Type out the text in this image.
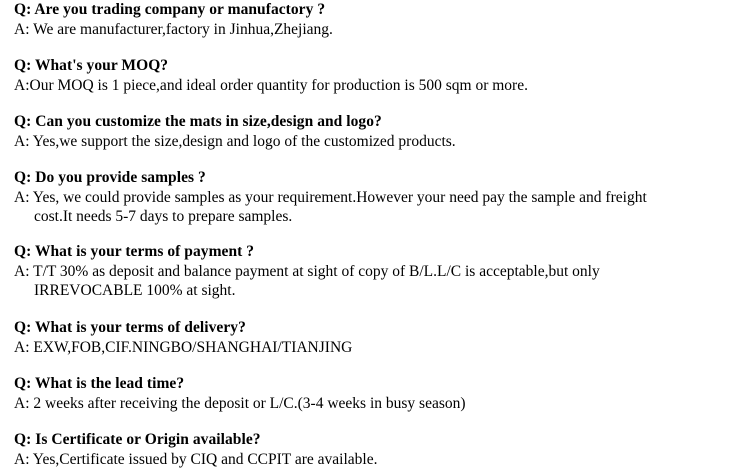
Q: Are you trading company or manufactory ?
A: We are manufacturer,factory in Jinhua,Zhejiang.
Q: What's your MOQ?
A:Our MOQ is 1 piece,and ideal order quantity for production is 500 sqm or more.
Q: Can you customize the mats in size,design and logo?
A: Yes,we support the size,design and logo of the customized products.
Q: Do you provide samples ?
A: Yes, we could provide samples as your requirement.However your need pay the sample and freight
cost.It needs 5-7 days to prepare samples.
Q: What is your terms of payment ?
A: T/T 30% as deposit and balance payment at sight of copy of B/L.L/C is acceptable,but only
IRREVOCABLE 100% at sight.
Q: What is your terms of delivery?
A: EXW,FOB,CIF.NINGBO/SHANGHAI/TIANJING
Q: What is the lead time?
A: 2 weeks after receiving the deposit or L/C.(3-4 weeks in busy season)
Q: Is Certificate or Origin available?
A: Yes,Certificate issued by CIQ and CCPIT are available.
